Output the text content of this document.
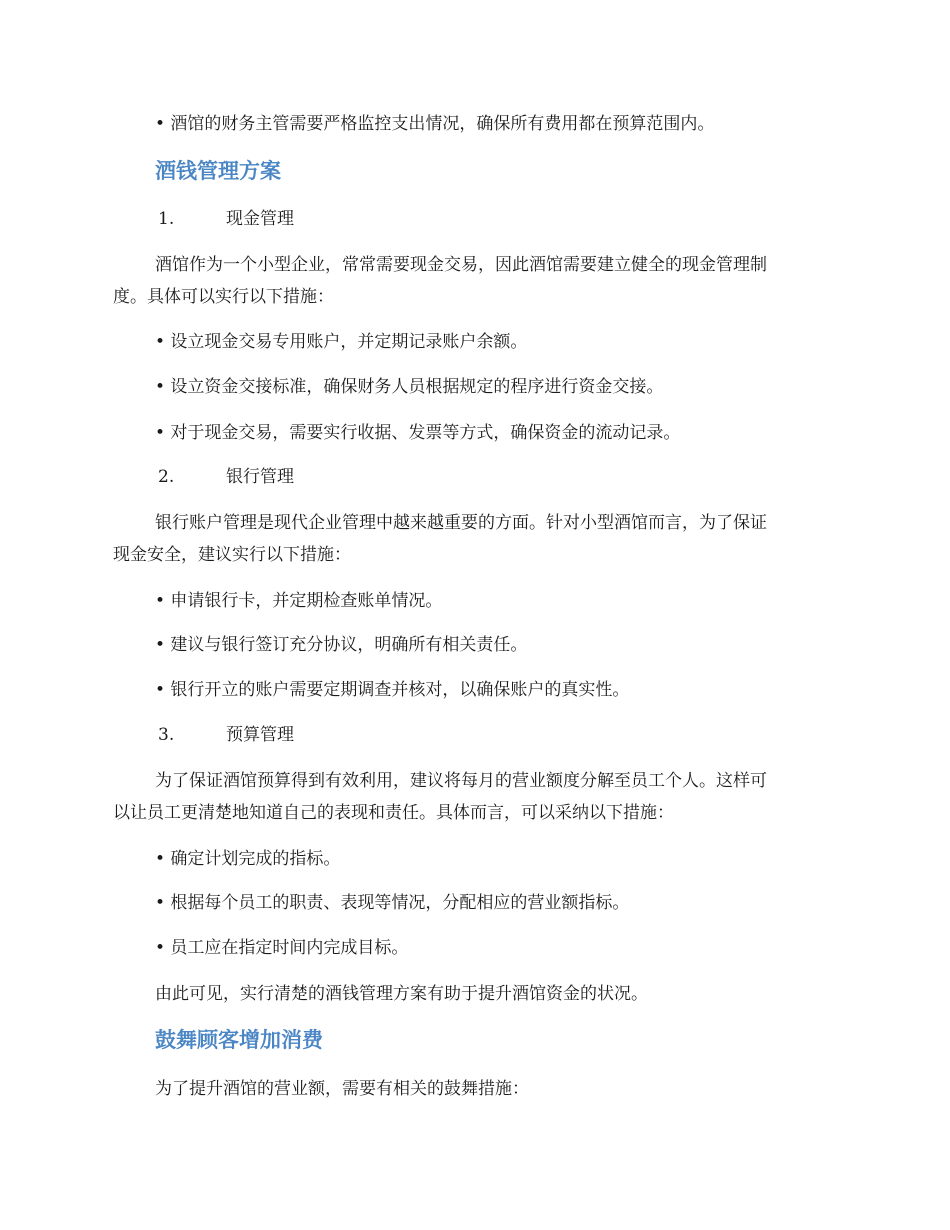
• 酒馆的财务主管需要严格监控支出情况，确保所有费用都在预算范围内。
酒钱管理方案
1.	现金管理
酒馆作为一个小型企业，常常需要现金交易，因此酒馆需要建立健全的现金管理制
度。具体可以实行以下措施：
• 设立现金交易专用账户，并定期记录账户余额。
• 设立资金交接标准，确保财务人员根据规定的程序进行资金交接。
• 对于现金交易，需要实行收据、发票等方式，确保资金的流动记录。
2.	银行管理
银行账户管理是现代企业管理中越来越重要的方面。针对小型酒馆而言，为了保证
现金安全，建议实行以下措施：
• 申请银行卡，并定期检查账单情况。
• 建议与银行签订充分协议，明确所有相关责任。
• 银行开立的账户需要定期调查并核对，以确保账户的真实性。
3.	预算管理
为了保证酒馆预算得到有效利用，建议将每月的营业额度分解至员工个人。这样可
以让员工更清楚地知道自己的表现和责任。具体而言，可以采纳以下措施：
• 确定计划完成的指标。
• 根据每个员工的职责、表现等情况，分配相应的营业额指标。
• 员工应在指定时间内完成目标。
由此可见，实行清楚的酒钱管理方案有助于提升酒馆资金的状况。
鼓舞顾客增加消费
为了提升酒馆的营业额，需要有相关的鼓舞措施：
